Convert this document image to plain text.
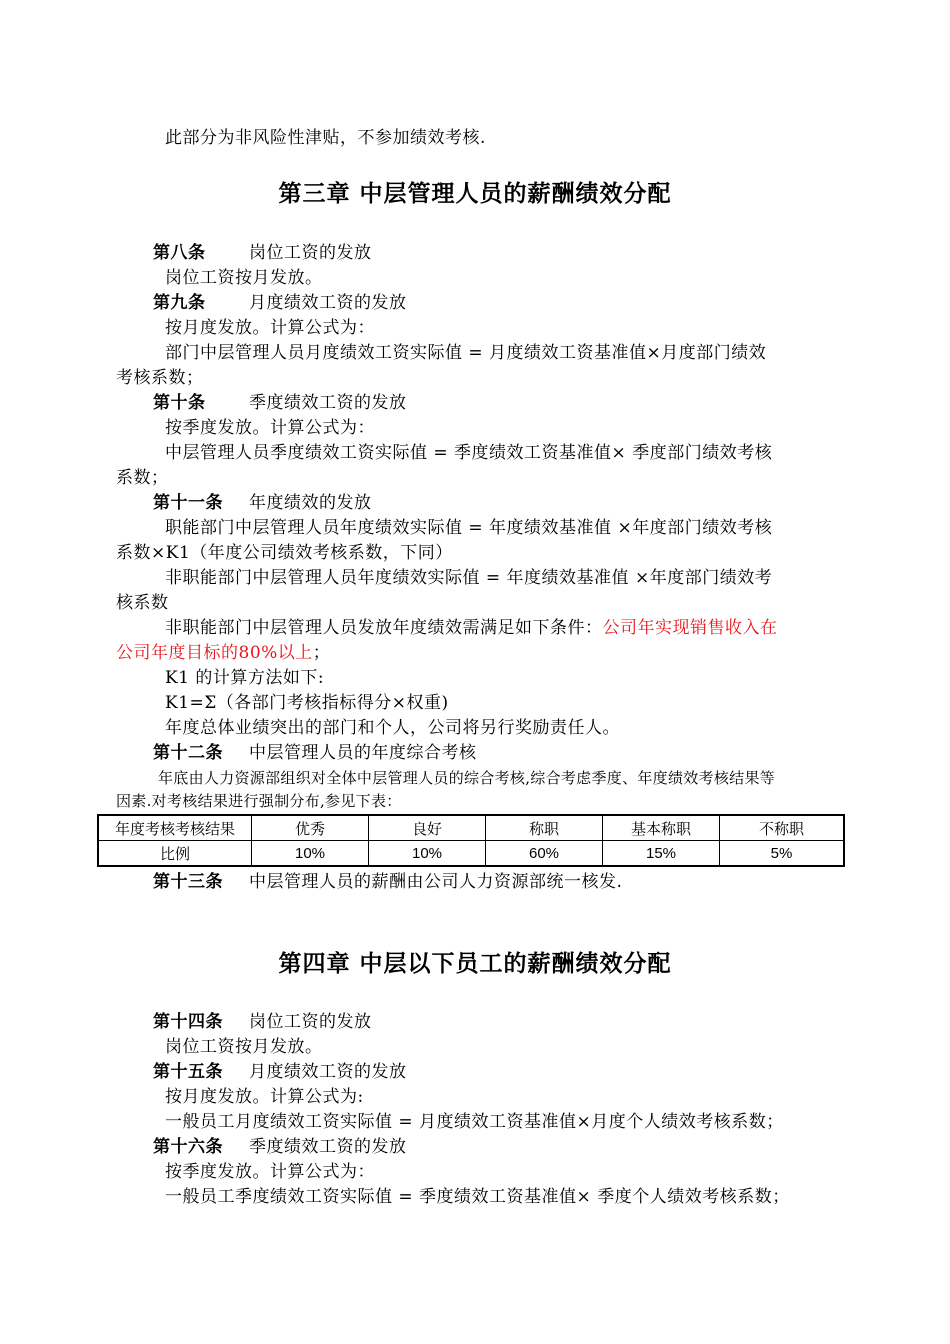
此部分为非风险性津贴，不参加绩效考核.
第三章 中层管理人员的薪酬绩效分配
第八条	岗位工资的发放
岗位工资按月发放。
第九条	月度绩效工资的发放
按月度发放。计算公式为：
部门中层管理人员月度绩效工资实际值 = 月度绩效工资基准值×月度部门绩效
考核系数；
第十条	季度绩效工资的发放
按季度发放。计算公式为：
中层管理人员季度绩效工资实际值 = 季度绩效工资基准值× 季度部门绩效考核
系数；
第十一条 年度绩效的发放
职能部门中层管理人员年度绩效实际值 = 年度绩效基准值 ×年度部门绩效考核
系数×K1（年度公司绩效考核系数，下同）
非职能部门中层管理人员年度绩效实际值 = 年度绩效基准值 ×年度部门绩效考
核系数
非职能部门中层管理人员发放年度绩效需满足如下条件：公司年实现销售收入在
公司年度目标的80%以上；
K1 的计算方法如下:
K1=Σ（各部门考核指标得分×权重)
年度总体业绩突出的部门和个人，公司将另行奖励责任人。
第十二条 中层管理人员的年度综合考核
年底由人力资源部组织对全体中层管理人员的综合考核,综合考虑季度、年度绩效考核结果等
因素.对考核结果进行强制分布,参见下表：
年度考核考核结果	优秀	良好	称职	基本称职	不称职
比例	10%	10%	60%	15%	5%
第十三条 中层管理人员的薪酬由公司人力资源部统一核发.
第四章 中层以下员工的薪酬绩效分配
第十四条 岗位工资的发放
岗位工资按月发放。
第十五条 月度绩效工资的发放
按月度发放。计算公式为:
一般员工月度绩效工资实际值 = 月度绩效工资基准值×月度个人绩效考核系数；
第十六条 季度绩效工资的发放
按季度发放。计算公式为：
一般员工季度绩效工资实际值 = 季度绩效工资基准值× 季度个人绩效考核系数；
